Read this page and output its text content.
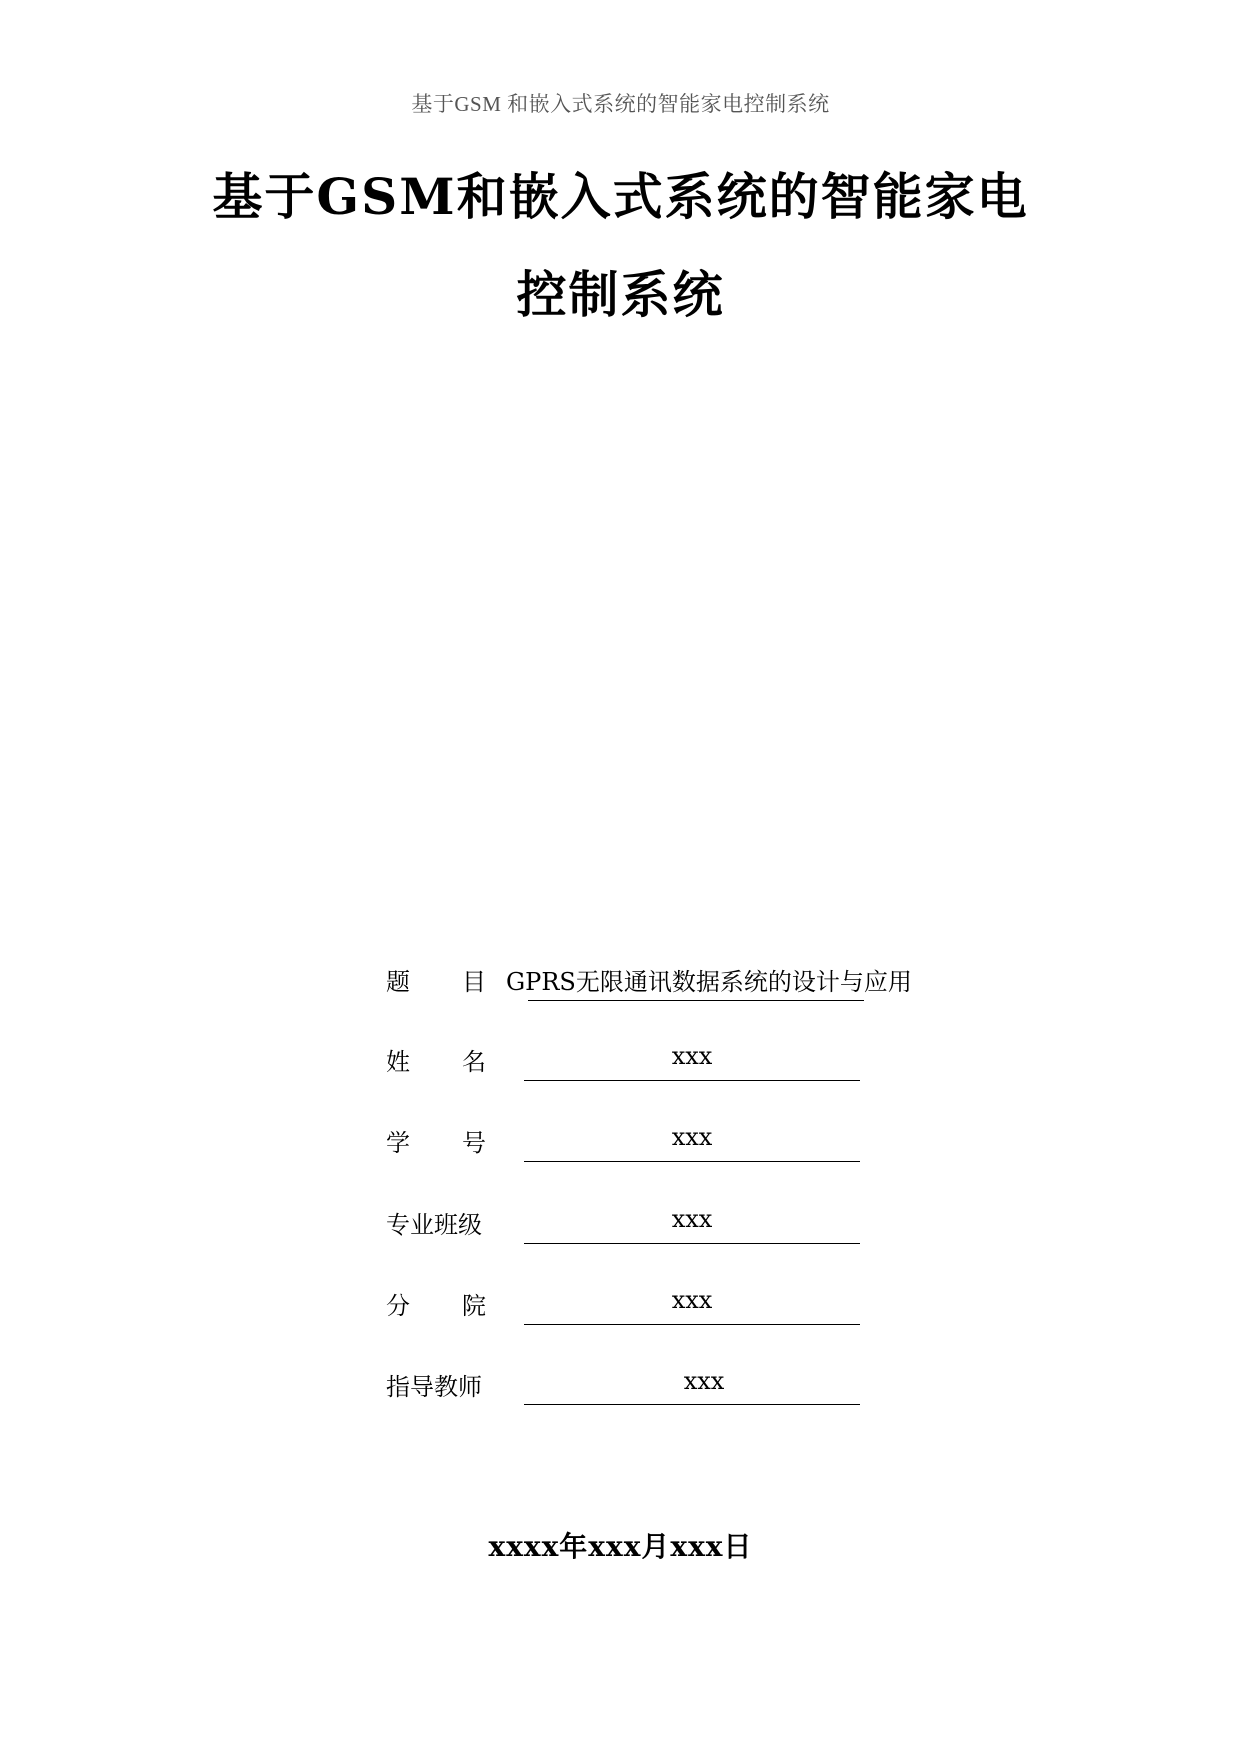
基于GSM 和嵌入式系统的智能家电控制系统
基于GSM和嵌入式系统的智能家电
控制系统
题 目 GPRS无限通讯数据系统的设计与应用
姓 名	xxx
学 号	xxx
专业班级	xxx
分 院	xxx
指导教师	xxx
xxxx年xxx月xxx日
